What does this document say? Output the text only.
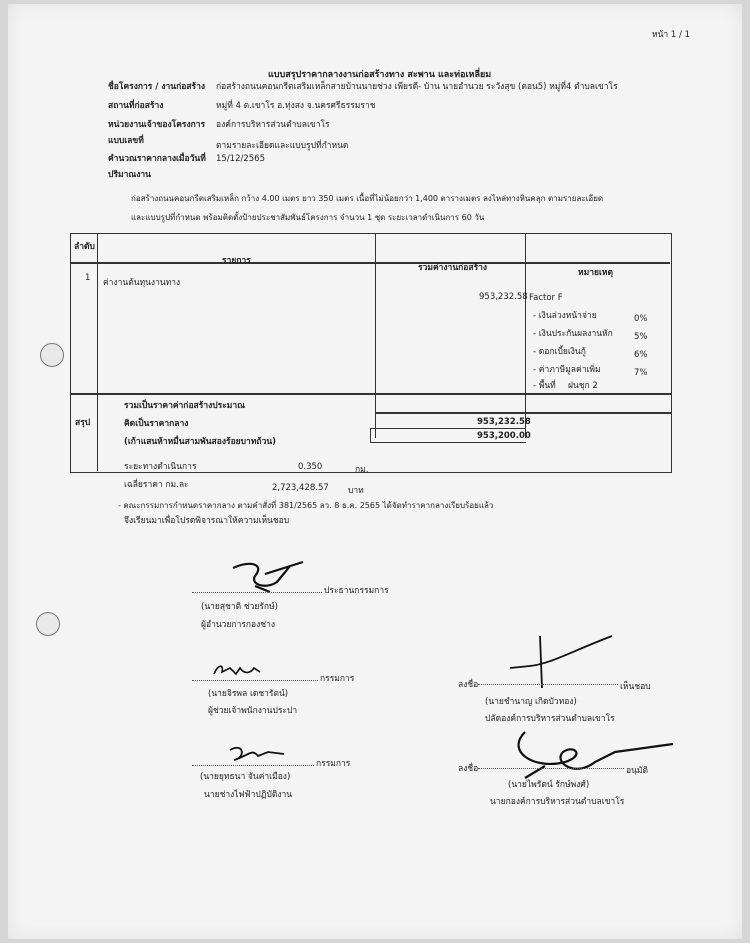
หน้า 1 / 1
แบบสรุปราคากลางงานก่อสร้างทาง สะพาน และท่อเหลี่ยม
ชื่อโครงการ / งานก่อสร้าง ก่อสร้างถนนคอนกรีตเสริมเหล็กสายบ้านนายช่วง เพียรดี- บ้าน นายอำนวย ระวังสุข (ตอน5) หมู่ที่4 ตำบลเขาโร
สถานที่ก่อสร้าง	หมู่ที่ 4 ต.เขาโร อ.ทุ่งสง จ.นครศรีธรรมราช
หน่วยงานเจ้าของโครงการ องค์การบริหารส่วนตำบลเขาโร
แบบเลขที่	ตามรายละเอียดและแบบรูปที่กำหนด
คำนวณราคากลางเมื่อวันที่ 15/12/2565
ปริมาณงาน
ก่อสร้างถนนคอนกรีตเสริมเหล็ก กว้าง 4.00 เมตร ยาว 350 เมตร เนื้อที่ไม่น้อยกว่า 1,400 ตารางเมตร ลงไหล่ทางหินคลุก ตามรายละเอียด
และแบบรูปที่กำหนด พร้อมติดตั้งป้ายประชาสัมพันธ์โครงการ จำนวน 1 ชุด ระยะเวลาดำเนินการ 60 วัน
ลำดับ
รายการ
รวมค่างานก่อสร้าง	หมายเหตุ
1 ค่างานต้นทุนงานทาง
953,232.58 Factor F
- เงินล่วงหน้าจ่าย	0%
- เงินประกันผลงานหัก 5%
- ดอกเบี้ยเงินกู้	6%
- ค่าภาษีมูลค่าเพิ่ม	7%
- พื้นที่ ฝนชุก 2
สรุป
รวมเป็นราคาค่าก่อสร้างประมาณ
953,232.58
คิดเป็นราคากลาง
953,200.00
(เก้าแสนห้าหมื่นสามพันสองร้อยบาทถ้วน)
ระยะทางดำเนินการ	0.350	กม.
เฉลี่ยราคา กม.ละ	2,723,428.57 บาท
- คณะกรรมการกำหนดราคากลาง ตามคำสั่งที่ 381/2565 ลว. 8 ธ.ค. 2565 ได้จัดทำราคากลางเรียบร้อยแล้ว
จึงเรียนมาเพื่อโปรดพิจารณาให้ความเห็นชอบ
ประธานกรรมการ
(นายสุชาติ ช่วยรักษ์)
ผู้อำนวยการกองช่าง
กรรมการ
(นายจิรพล เดชารัตน์)
ผู้ช่วยเจ้าพนักงานประปา
กรรมการ
(นายยุทธนา จันค่าเมือง)
นายช่างไฟฟ้าปฏิบัติงาน
ลงชื่อ	เห็นชอบ
(นายชำนาญ เกิดบัวทอง)
ปลัดองค์การบริหารส่วนตำบลเขาโร
ลงชื่อ	อนุมัติ
(นายไพรัตน์ รักษ์พงศ์)
นายกองค์การบริหารส่วนตำบลเขาโร
